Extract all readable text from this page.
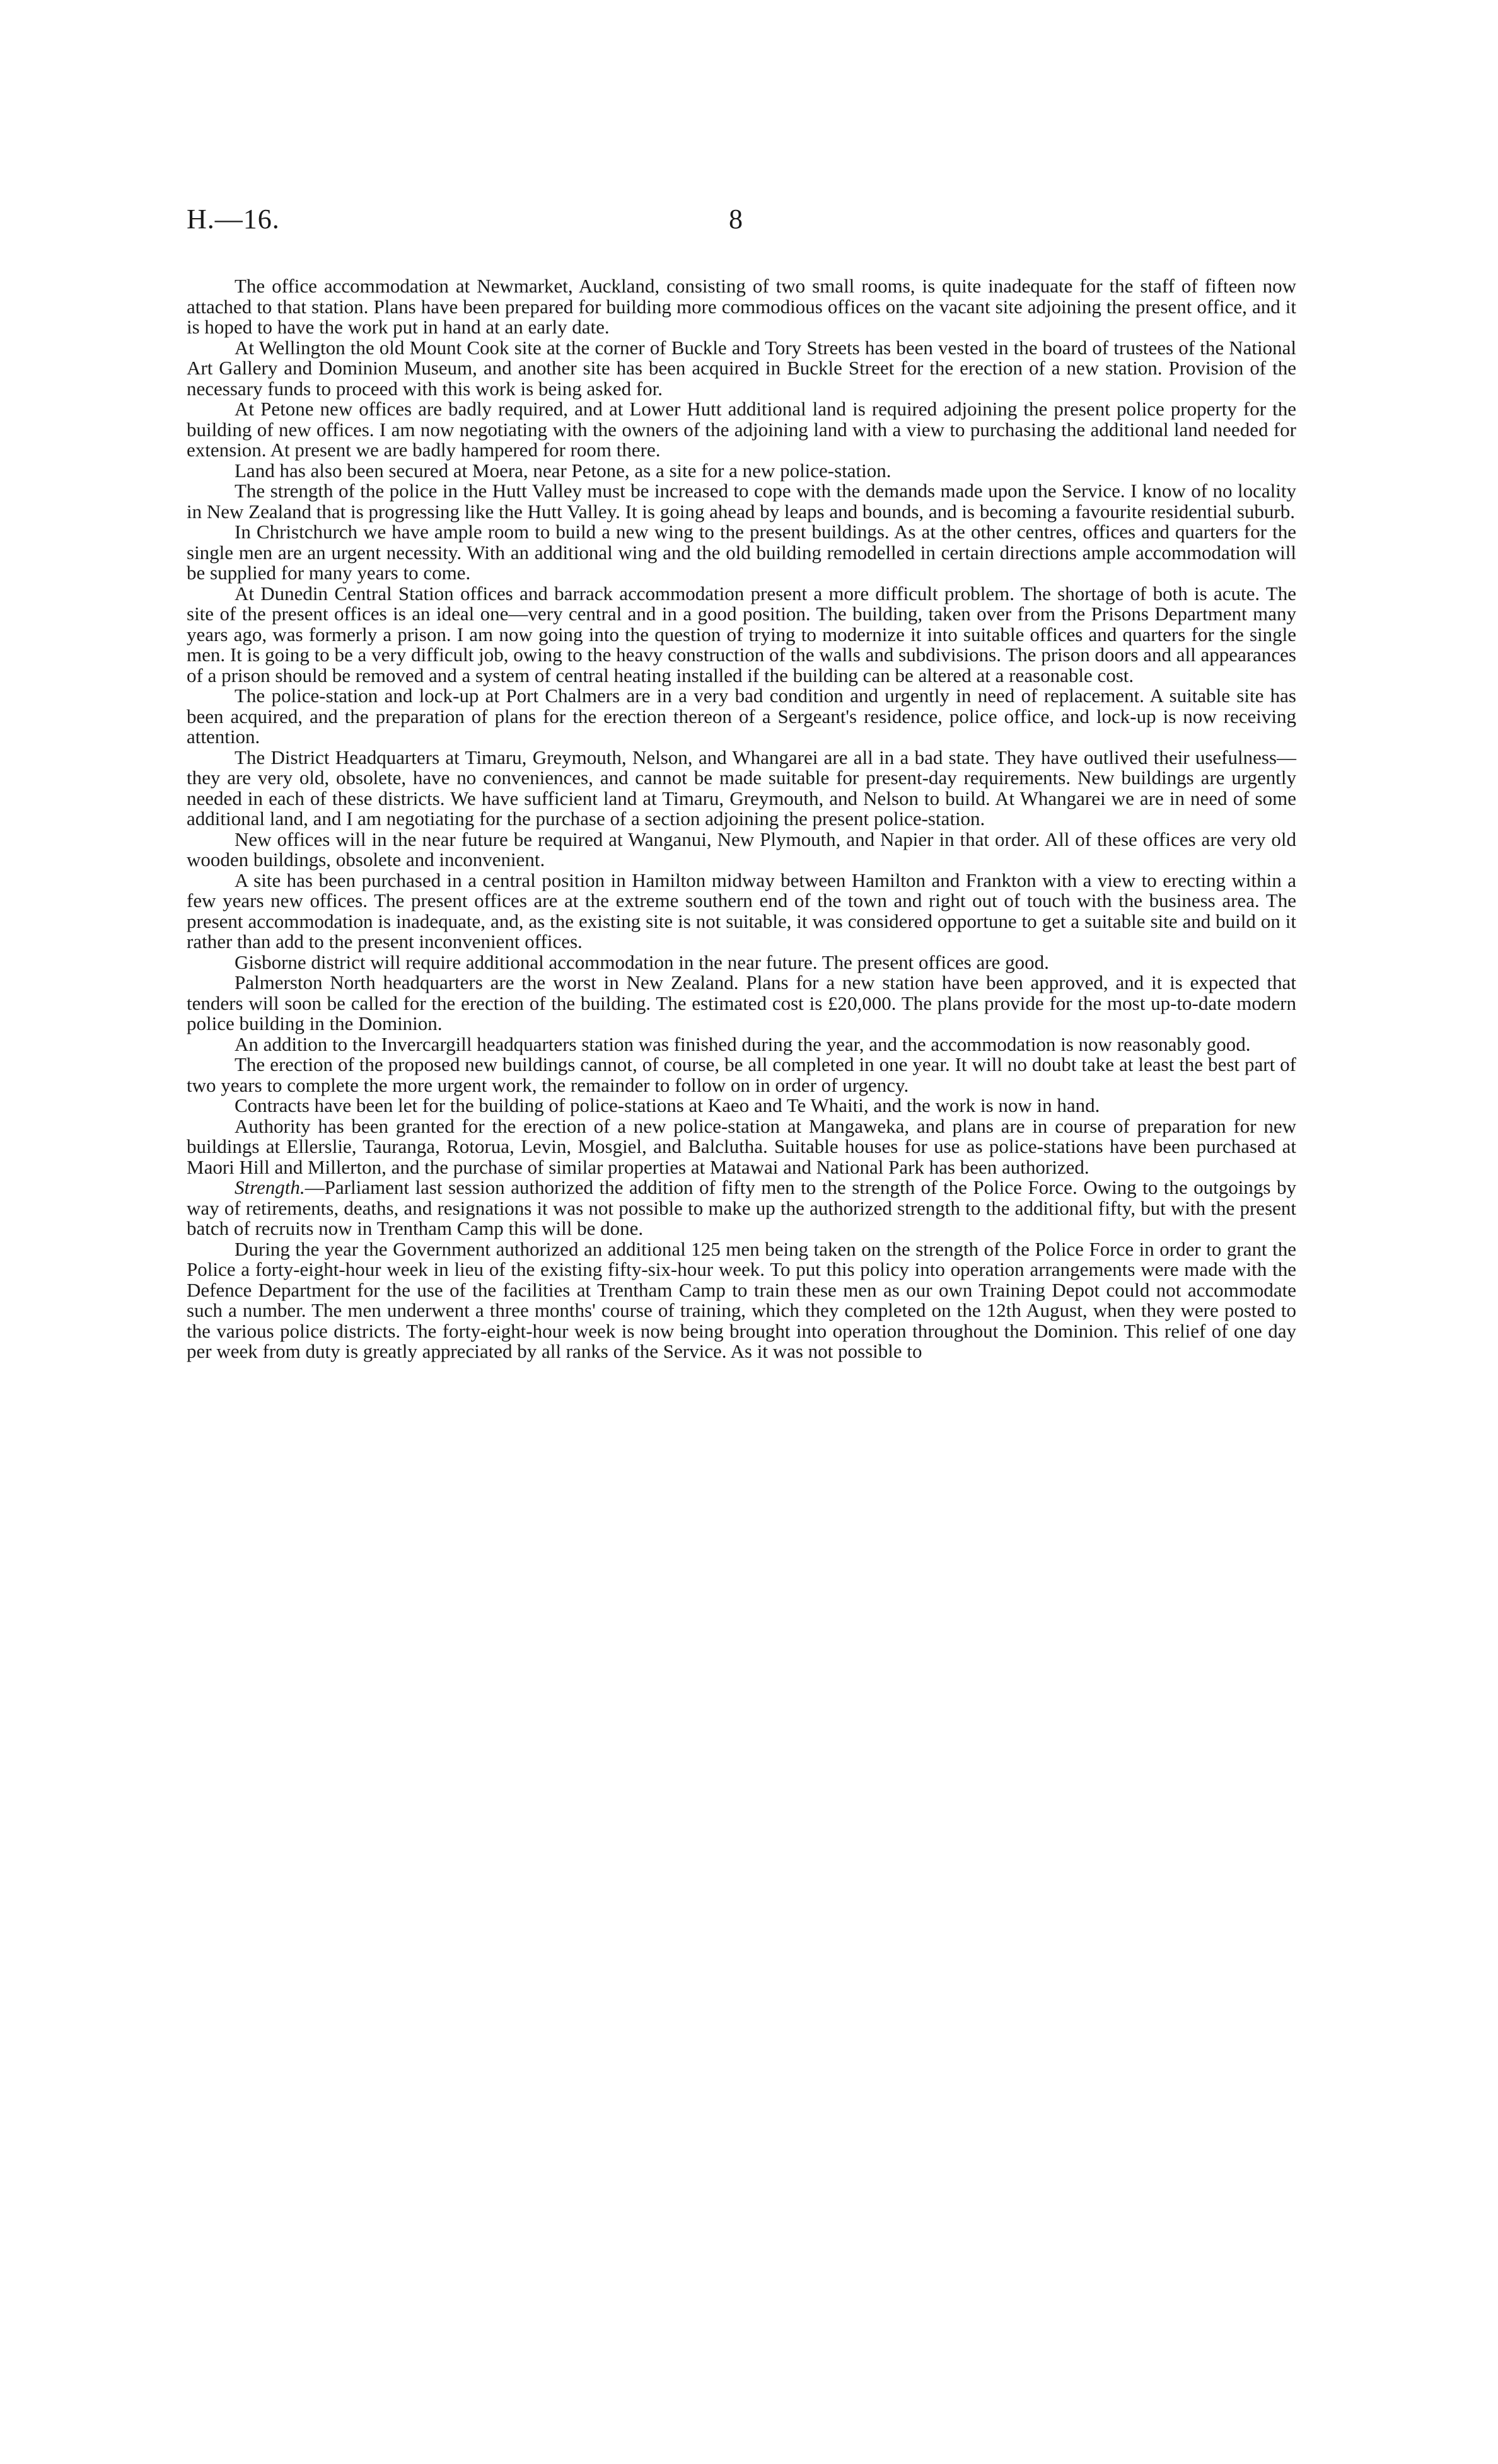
H.—16.	8

The office accommodation at Newmarket, Auckland, consisting of two small rooms, is quite inadequate for the staff of fifteen now attached to that station. Plans have been prepared for building more commodious offices on the vacant site adjoining the present office, and it is hoped to have the work put in hand at an early date.

At Wellington the old Mount Cook site at the corner of Buckle and Tory Streets has been vested in the board of trustees of the National Art Gallery and Dominion Museum, and another site has been acquired in Buckle Street for the erection of a new station. Provision of the necessary funds to proceed with this work is being asked for.

At Petone new offices are badly required, and at Lower Hutt additional land is required adjoining the present police property for the building of new offices. I am now negotiating with the owners of the adjoining land with a view to purchasing the additional land needed for extension. At present we are badly hampered for room there.

Land has also been secured at Moera, near Petone, as a site for a new police-station.

The strength of the police in the Hutt Valley must be increased to cope with the demands made upon the Service. I know of no locality in New Zealand that is progressing like the Hutt Valley. It is going ahead by leaps and bounds, and is becoming a favourite residential suburb.

In Christchurch we have ample room to build a new wing to the present buildings. As at the other centres, offices and quarters for the single men are an urgent necessity. With an additional wing and the old building remodelled in certain directions ample accommodation will be supplied for many years to come.

At Dunedin Central Station offices and barrack accommodation present a more difficult problem. The shortage of both is acute. The site of the present offices is an ideal one—very central and in a good position. The building, taken over from the Prisons Department many years ago, was formerly a prison. I am now going into the question of trying to modernize it into suitable offices and quarters for the single men. It is going to be a very difficult job, owing to the heavy construction of the walls and subdivisions. The prison doors and all appearances of a prison should be removed and a system of central heating installed if the building can be altered at a reasonable cost.

The police-station and lock-up at Port Chalmers are in a very bad condition and urgently in need of replacement. A suitable site has been acquired, and the preparation of plans for the erection thereon of a Sergeant's residence, police office, and lock-up is now receiving attention.

The District Headquarters at Timaru, Greymouth, Nelson, and Whangarei are all in a bad state. They have outlived their usefulness—they are very old, obsolete, have no conveniences, and cannot be made suitable for present-day requirements. New buildings are urgently needed in each of these districts. We have sufficient land at Timaru, Greymouth, and Nelson to build. At Whangarei we are in need of some additional land, and I am negotiating for the purchase of a section adjoining the present police-station.

New offices will in the near future be required at Wanganui, New Plymouth, and Napier in that order. All of these offices are very old wooden buildings, obsolete and inconvenient.

A site has been purchased in a central position in Hamilton midway between Hamilton and Frankton with a view to erecting within a few years new offices. The present offices are at the extreme southern end of the town and right out of touch with the business area. The present accommodation is inadequate, and, as the existing site is not suitable, it was considered opportune to get a suitable site and build on it rather than add to the present inconvenient offices.

Gisborne district will require additional accommodation in the near future. The present offices are good.

Palmerston North headquarters are the worst in New Zealand. Plans for a new station have been approved, and it is expected that tenders will soon be called for the erection of the building. The estimated cost is £20,000. The plans provide for the most up-to-date modern police building in the Dominion.

An addition to the Invercargill headquarters station was finished during the year, and the accommodation is now reasonably good.

The erection of the proposed new buildings cannot, of course, be all completed in one year. It will no doubt take at least the best part of two years to complete the more urgent work, the remainder to follow on in order of urgency.

Contracts have been let for the building of police-stations at Kaeo and Te Whaiti, and the work is now in hand.

Authority has been granted for the erection of a new police-station at Mangaweka, and plans are in course of preparation for new buildings at Ellerslie, Tauranga, Rotorua, Levin, Mosgiel, and Balclutha. Suitable houses for use as police-stations have been purchased at Maori Hill and Millerton, and the purchase of similar properties at Matawai and National Park has been authorized.

Strength.—Parliament last session authorized the addition of fifty men to the strength of the Police Force. Owing to the outgoings by way of retirements, deaths, and resignations it was not possible to make up the authorized strength to the additional fifty, but with the present batch of recruits now in Trentham Camp this will be done.

During the year the Government authorized an additional 125 men being taken on the strength of the Police Force in order to grant the Police a forty-eight-hour week in lieu of the existing fifty-six-hour week. To put this policy into operation arrangements were made with the Defence Department for the use of the facilities at Trentham Camp to train these men as our own Training Depot could not accommodate such a number. The men underwent a three months' course of training, which they completed on the 12th August, when they were posted to the various police districts. The forty-eight-hour week is now being brought into operation throughout the Dominion. This relief of one day per week from duty is greatly appreciated by all ranks of the Service. As it was not possible to
